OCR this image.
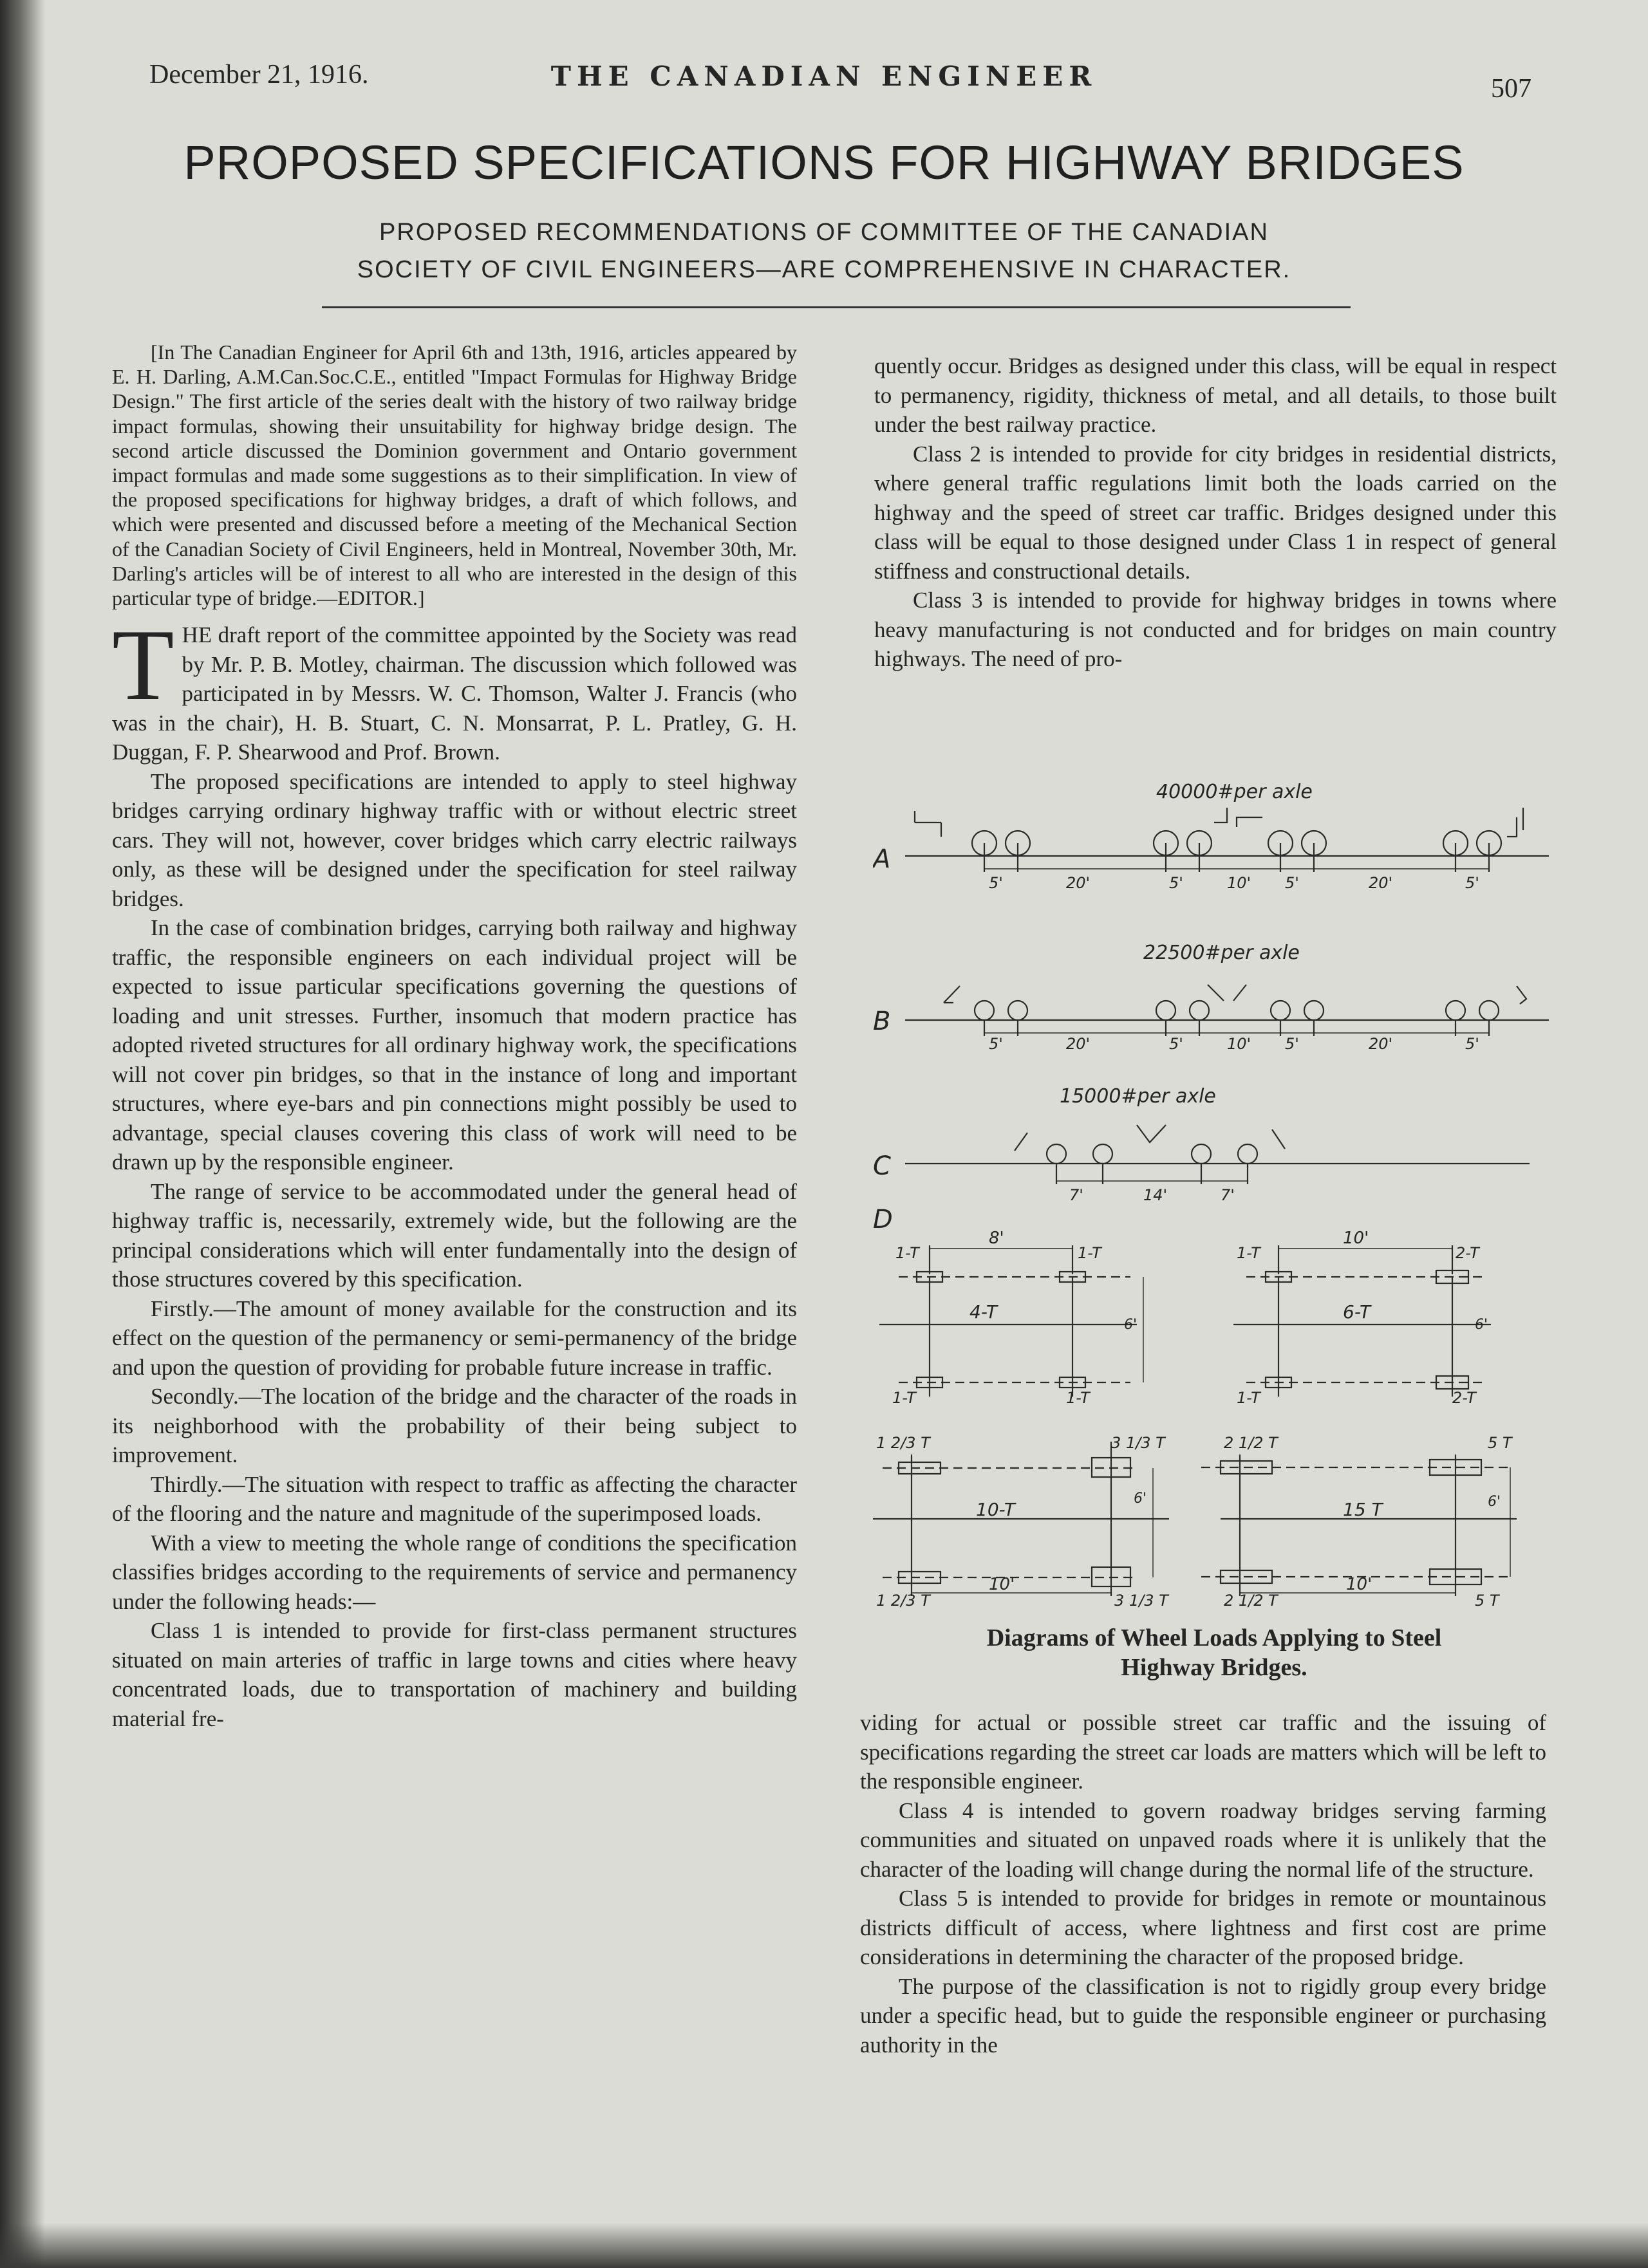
December 21, 1916.	THE CANADIAN ENGINEER	507
PROPOSED SPECIFICATIONS FOR HIGHWAY BRIDGES
PROPOSED RECOMMENDATIONS OF COMMITTEE OF THE CANADIAN
SOCIETY OF CIVIL ENGINEERS—ARE COMPREHENSIVE IN CHARACTER.

[In The Canadian Engineer for April 6th and 13th, 1916, articles appeared by E. H. Darling, A.M.Can.Soc.C.E., entitled "Impact Formulas for Highway Bridge Design." The first article of the series dealt with the history of two railway bridge impact formulas, showing their unsuitability for highway bridge design. The second article discussed the Dominion government and Ontario government impact formulas and made some suggestions as to their simplification. In view of the proposed specifications for highway bridges, a draft of which follows, and which were presented and discussed before a meeting of the Mechanical Section of the Canadian Society of Civil Engineers, held in Montreal, November 30th, Mr. Darling's articles will be of interest to all who are interested in the design of this particular type of bridge.—EDITOR.]

THE draft report of the committee appointed by the Society was read by Mr. P. B. Motley, chairman. The discussion which followed was participated in by Messrs. W. C. Thomson, Walter J. Francis (who was in the chair), H. B. Stuart, C. N. Monsarrat, P. L. Pratley, G. H. Duggan, F. P. Shearwood and Prof. Brown.

The proposed specifications are intended to apply to steel highway bridges carrying ordinary highway traffic with or without electric street cars. They will not, however, cover bridges which carry electric railways only, as these will be designed under the specification for steel railway bridges.

In the case of combination bridges, carrying both railway and highway traffic, the responsible engineers on each individual project will be expected to issue particular specifications governing the questions of loading and unit stresses. Further, insomuch that modern practice has adopted riveted structures for all ordinary highway work, the specifications will not cover pin bridges, so that in the instance of long and important structures, where eye-bars and pin connections might possibly be used to advantage, special clauses covering this class of work will need to be drawn up by the responsible engineer.

The range of service to be accommodated under the general head of highway traffic is, necessarily, extremely wide, but the following are the principal considerations which will enter fundamentally into the design of those structures covered by this specification.

Firstly.—The amount of money available for the construction and its effect on the question of the permanency or semi-permanency of the bridge and upon the question of providing for probable future increase in traffic.

Secondly.—The location of the bridge and the character of the roads in its neighborhood with the probability of their being subject to improvement.

Thirdly.—The situation with respect to traffic as affecting the character of the flooring and the nature and magnitude of the superimposed loads.

With a view to meeting the whole range of conditions the specification classifies bridges according to the requirements of service and permanency under the following heads:—

Class 1 is intended to provide for first-class permanent structures situated on main arteries of traffic in large towns and cities where heavy concentrated loads, due to transportation of machinery and building material fre-

quently occur. Bridges as designed under this class, will be equal in respect to permanency, rigidity, thickness of metal, and all details, to those built under the best railway practice.

Class 2 is intended to provide for city bridges in residential districts, where general traffic regulations limit both the loads carried on the highway and the speed of street car traffic. Bridges designed under this class will be equal to those designed under Class 1 in respect of general stiffness and constructional details.

Class 3 is intended to provide for highway bridges in towns where heavy manufacturing is not conducted and for bridges on main country highways. The need of pro-

A
40000#per axle
5'	20'	5'	10' 5'	20'	5'
B
22500#per axle
5'	20'	5'	10' 5'	20'	5'
C
15000#per axle
7'	14'	7'
D
8'
1-T	1-T
4-T
6'
1-T	1-T
10'
1-T	2-T
6-T
6'
1-T	2-T
1 2/3 T	3 1/3 T
10-T
6'
1 2/3 T
10'
3 1/3 T
2 1/2 T	5 T
15 T	6'
2 1/2 T
10'
5 T
Diagrams of Wheel Loads Applying to Steel
Highway Bridges.

viding for actual or possible street car traffic and the issuing of specifications regarding the street car loads are matters which will be left to the responsible engineer.

Class 4 is intended to govern roadway bridges serving farming communities and situated on unpaved roads where it is unlikely that the character of the loading will change during the normal life of the structure.

Class 5 is intended to provide for bridges in remote or mountainous districts difficult of access, where lightness and first cost are prime considerations in determining the character of the proposed bridge.

The purpose of the classification is not to rigidly group every bridge under a specific head, but to guide the responsible engineer or purchasing authority in the
